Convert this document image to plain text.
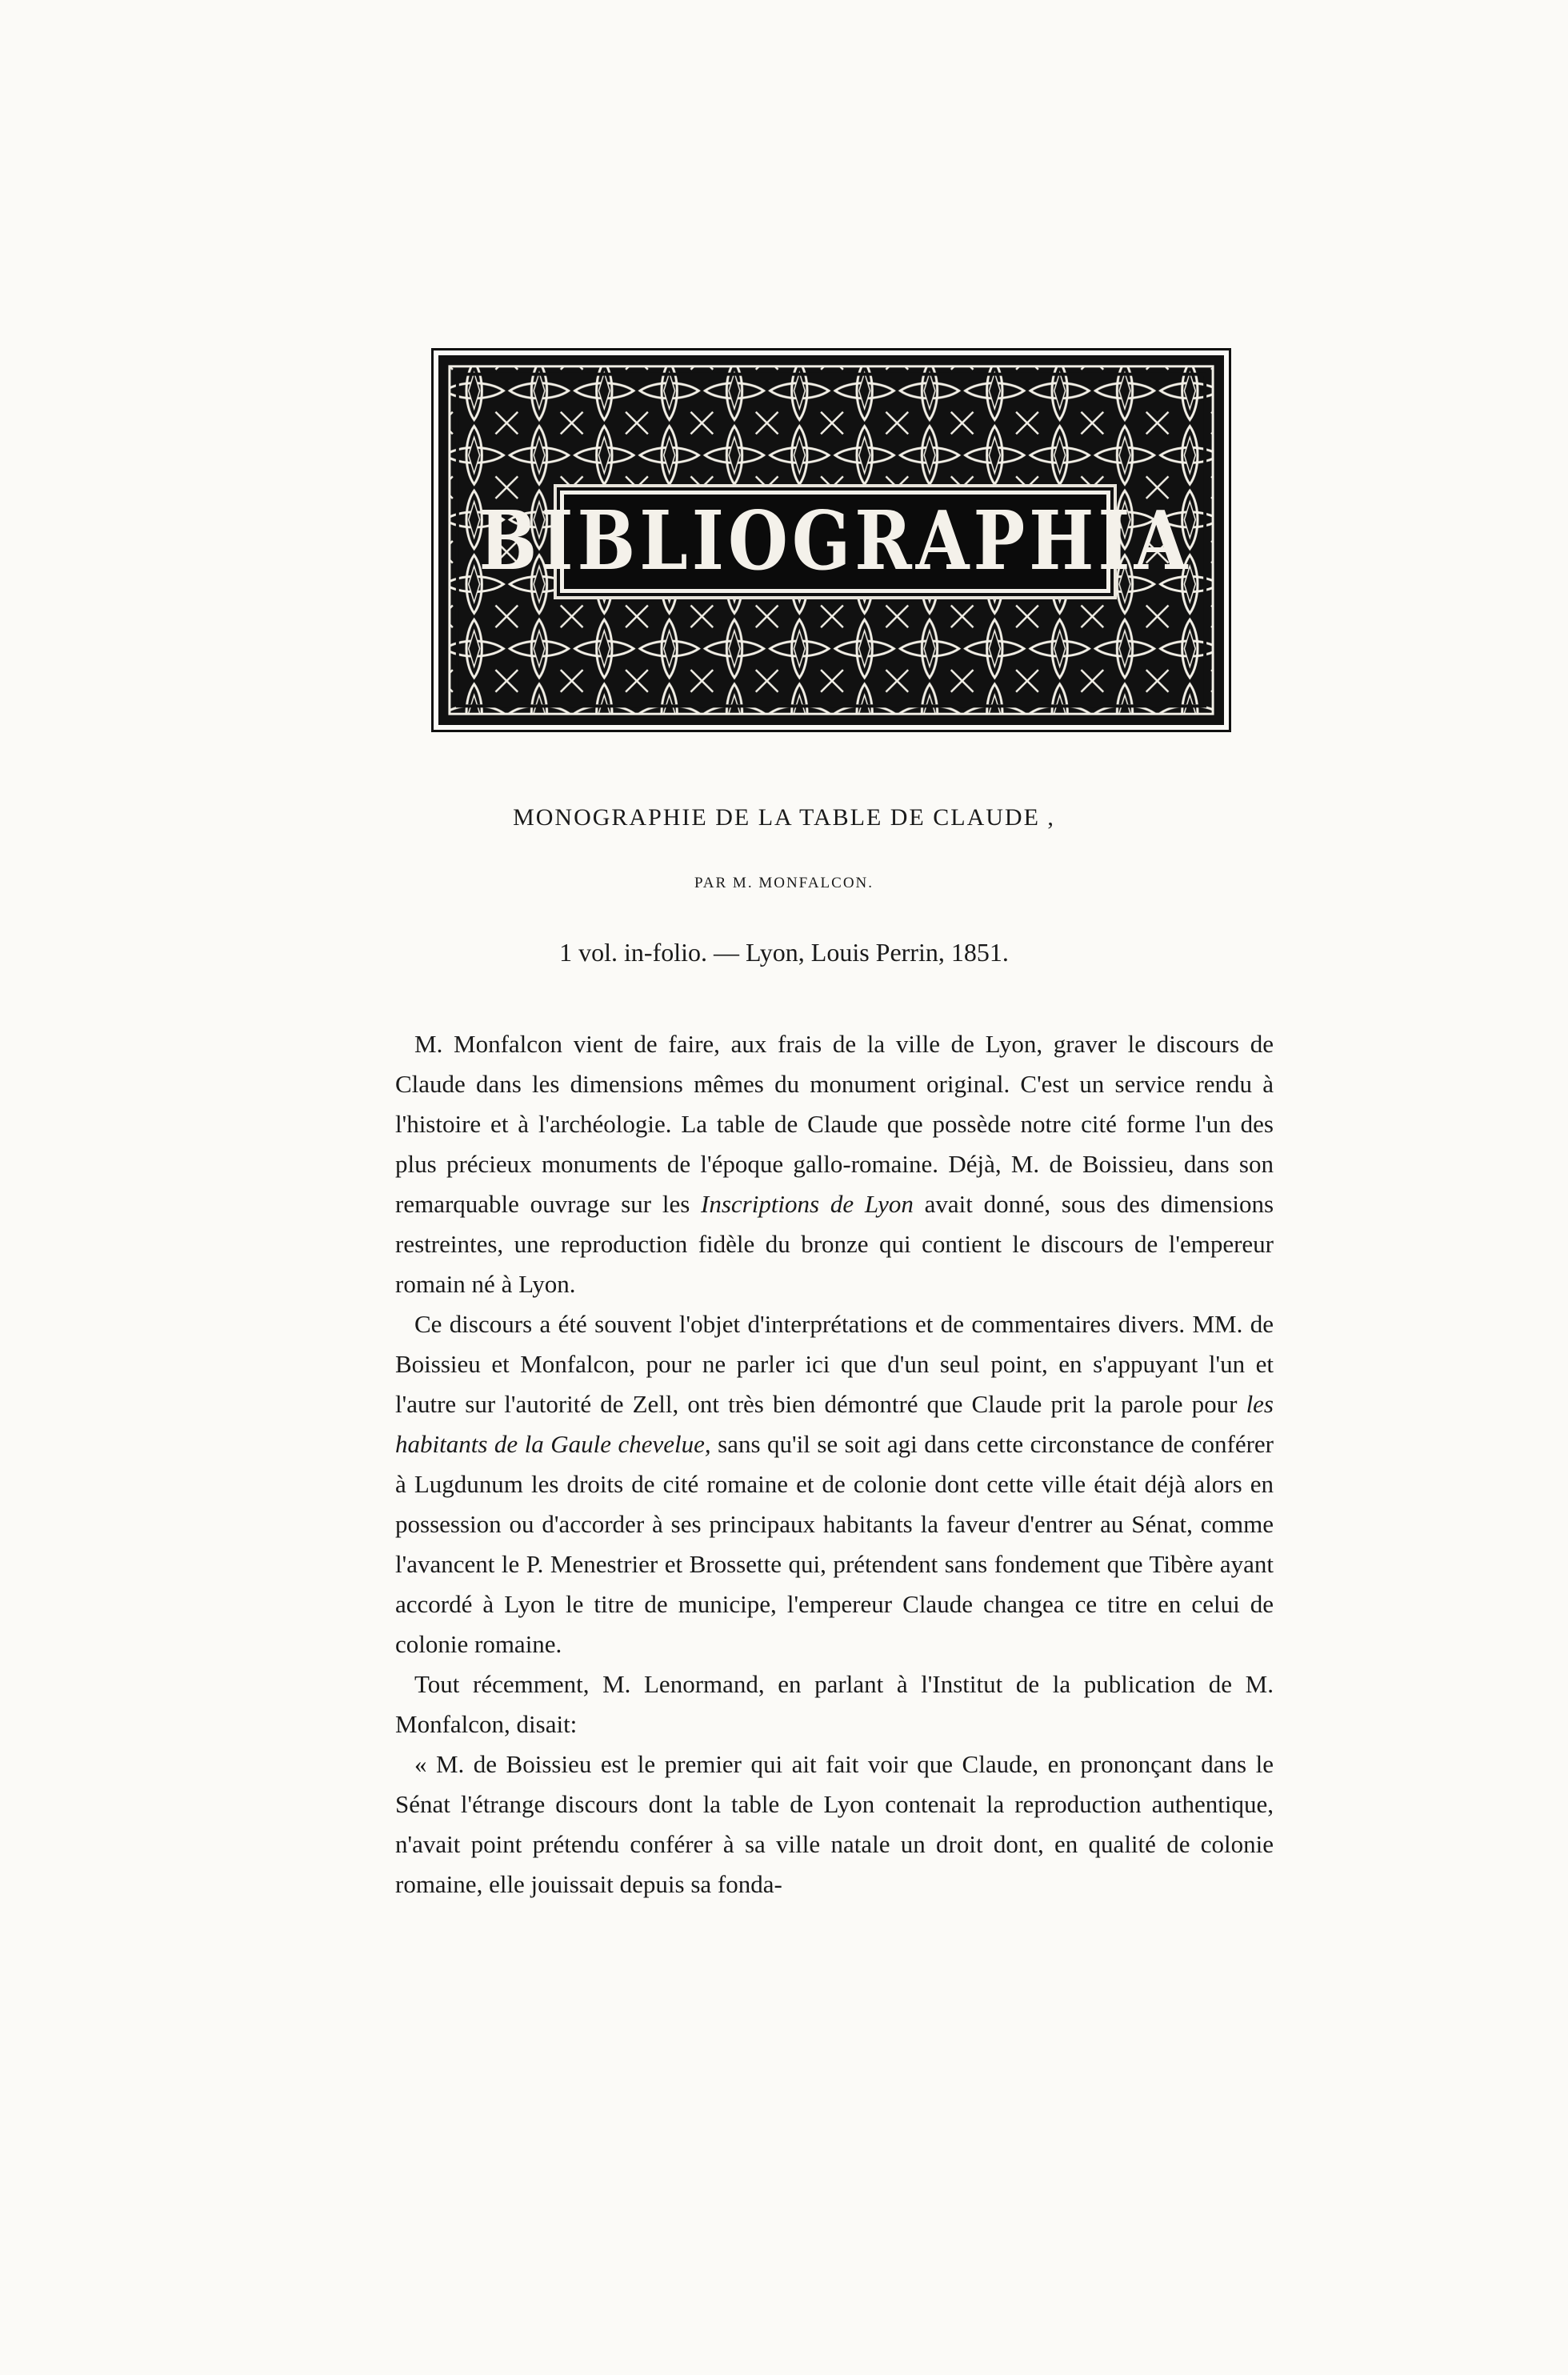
BIBLIOGRAPHIA
MONOGRAPHIE DE LA TABLE DE CLAUDE ,
PAR M. MONFALCON.
1 vol. in-folio. — Lyon, Louis Perrin, 1851.

M. Monfalcon vient de faire, aux frais de la ville de Lyon, graver le discours de Claude dans les dimensions mêmes du monument original. C'est un service rendu à l'histoire et à l'archéologie. La table de Claude que possède notre cité forme l'un des plus précieux monuments de l'époque gallo-romaine. Déjà, M. de Boissieu, dans son remarquable ouvrage sur les Inscriptions de Lyon avait donné, sous des dimensions restreintes, une reproduction fidèle du bronze qui contient le discours de l'empereur romain né à Lyon.

Ce discours a été souvent l'objet d'interprétations et de commentaires divers. MM. de Boissieu et Monfalcon, pour ne parler ici que d'un seul point, en s'appuyant l'un et l'autre sur l'autorité de Zell, ont très bien démontré que Claude prit la parole pour les habitants de la Gaule chevelue, sans qu'il se soit agi dans cette circonstance de conférer à Lugdunum les droits de cité romaine et de colonie dont cette ville était déjà alors en possession ou d'accorder à ses principaux habitants la faveur d'entrer au Sénat, comme l'avancent le P. Menestrier et Brossette qui, prétendent sans fondement que Tibère ayant accordé à Lyon le titre de municipe, l'empereur Claude changea ce titre en celui de colonie romaine.

Tout récemment, M. Lenormand, en parlant à l'Institut de la publication de M. Monfalcon, disait:

« M. de Boissieu est le premier qui ait fait voir que Claude, en prononçant dans le Sénat l'étrange discours dont la table de Lyon contenait la reproduction authentique, n'avait point prétendu conférer à sa ville natale un droit dont, en qualité de colonie romaine, elle jouissait depuis sa fonda-
